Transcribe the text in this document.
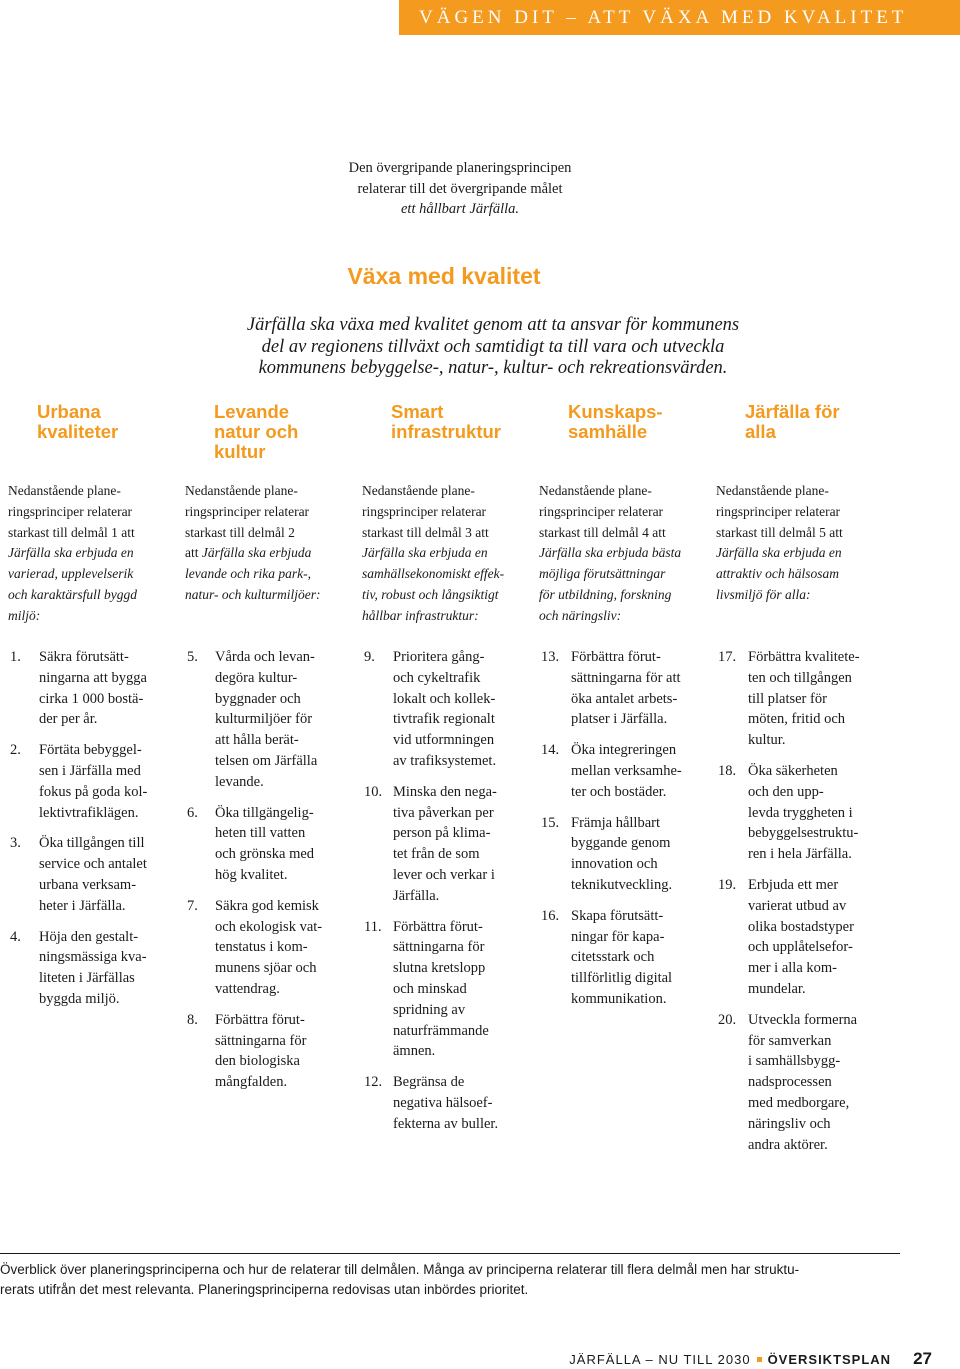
VÄGEN DIT – ATT VÄXA MED KVALITET
Den övergripande planeringsprincipen
relaterar till det övergripande målet
ett hållbart Järfälla.
Växa med kvalitet
Järfälla ska växa med kvalitet genom att ta ansvar för kommunens
del av regionens tillväxt och samtidigt ta till vara och utveckla
kommunens bebyggelse-, natur-, kultur- och rekreationsvärden.
Urbana
kvaliteter
Nedanstående plane-
ringsprinciper relaterar
starkast till delmål 1 att
Järfälla ska erbjuda en
varierad, upplevelserik
och karaktärsfull byggd
miljö:
1.	Säkra förutsätt-
ningarna att bygga
cirka 1 000 bostä-
der per år.
2.	Förtäta bebyggel-
sen i Järfälla med
fokus på goda kol-
lektivtrafiklägen.
3.	Öka tillgången till
service och antalet
urbana verksam-
heter i Järfälla.
4.	Höja den gestalt-
ningsmässiga kva-
liteten i Järfällas
byggda miljö.
Levande
natur och
kultur
Nedanstående plane-
ringsprinciper relaterar
starkast till delmål 2
att Järfälla ska erbjuda
levande och rika park-,
natur- och kulturmiljöer:
5.	Vårda och levan-
degöra kultur-
byggnader och
kulturmiljöer för
att hålla berät-
telsen om Järfälla
levande.
6.	Öka tillgängelig-
heten till vatten
och grönska med
hög kvalitet.
7.	Säkra god kemisk
och ekologisk vat-
tenstatus i kom-
munens sjöar och
vattendrag.
8.	Förbättra förut-
sättningarna för
den biologiska
mångfalden.
Smart
infrastruktur
Nedanstående plane-
ringsprinciper relaterar
starkast till delmål 3 att
Järfälla ska erbjuda en
samhällsekonomiskt effek-
tiv, robust och långsiktigt
hållbar infrastruktur:
9.	Prioritera gång-
och cykeltrafik
lokalt och kollek-
tivtrafik regionalt
vid utformningen
av trafiksystemet.
10. Minska den nega-
tiva påverkan per
person på klima-
tet från de som
lever och verkar i
Järfälla.
11. Förbättra förut-
sättningarna för
slutna kretslopp
och minskad
spridning av
naturfrämmande
ämnen.
12. Begränsa de
negativa hälsoef-
fekterna av buller.
Kunskaps-
samhälle
Nedanstående plane-
ringsprinciper relaterar
starkast till delmål 4 att
Järfälla ska erbjuda bästa
möjliga förutsättningar
för utbildning, forskning
och näringsliv:
13. Förbättra förut-
sättningarna för att
öka antalet arbets-
platser i Järfälla.
14. Öka integreringen
mellan verksamhe-
ter och bostäder.
15. Främja hållbart
byggande genom
innovation och
teknikutveckling.
16. Skapa förutsätt-
ningar för kapa-
citetsstark och
tillförlitlig digital
kommunikation.
Järfälla för
alla
Nedanstående plane-
ringsprinciper relaterar
starkast till delmål 5 att
Järfälla ska erbjuda en
attraktiv och hälsosam
livsmiljö för alla:
17. Förbättra kvalitete-
ten och tillgången
till platser för
möten, fritid och
kultur.
18. Öka säkerheten
och den upp-
levda tryggheten i
bebyggelsestruktu-
ren i hela Järfälla.
19. Erbjuda ett mer
varierat utbud av
olika bostadstyper
och upplåtelsefor-
mer i alla kom-
mundelar.
20. Utveckla formerna
för samverkan
i samhällsbygg-
nadsprocessen
med medborgare,
näringsliv och
andra aktörer.
Överblick över planeringsprinciperna och hur de relaterar till delmålen. Många av principerna relaterar till flera delmål men har struktu-
rerats utifrån det mest relevanta. Planeringsprinciperna redovisas utan inbördes prioritet.
JÄRFÄLLA – NU TILL 2030 ÖVERSIKTSPLAN 27
